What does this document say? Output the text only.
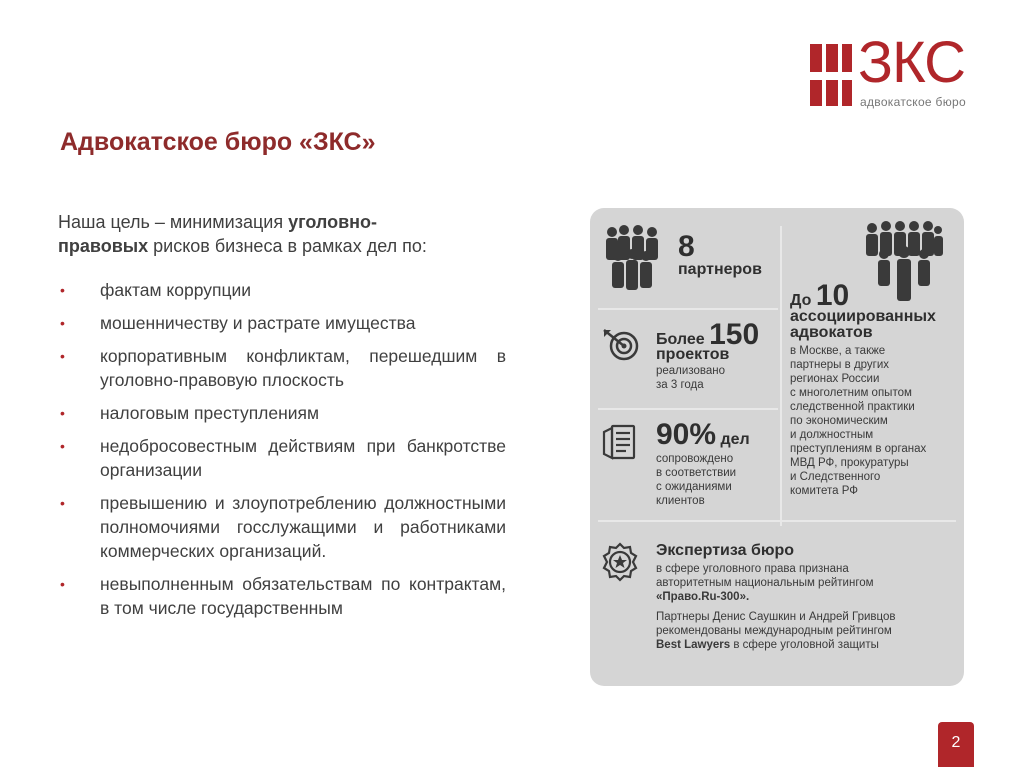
ЗКС
адвокатское бюро
Адвокатское бюро «ЗКС»
Наша цель – минимизация уголовно-
правовых рисков бизнеса в рамках дел по:
• фактам коррупции
• мошенничеству и растрате имущества
• корпоративным конфликтам, перешедшим в уголовно-правовую плоскость
• налоговым преступлениям
• недобросовестным действиям при банкротстве организации
• превышению и злоупотреблению должностными полномочиями госслужащими и работниками коммерческих организаций.
• невыполненным обязательствам по контрактам, в том числе государственным
8
партнеров
До 10
ассоциированных
адвокатов
в Москве, а также
партнеры в других
регионах России
с многолетним опытом
следственной практики
по экономическим
и должностным
преступлениям в органах
МВД РФ, прокуратуры
и Следственного
комитета РФ
Более 150
проектов
реализовано
за 3 года
90% дел
сопровождено
в соответствии
с ожиданиями
клиентов
Экспертиза бюро
в сфере уголовного права признана
авторитетным национальным рейтингом
«Право.Ru-300».
Партнеры Денис Саушкин и Андрей Гривцов
рекомендованы международным рейтингом
Best Lawyers в сфере уголовной защиты
2
